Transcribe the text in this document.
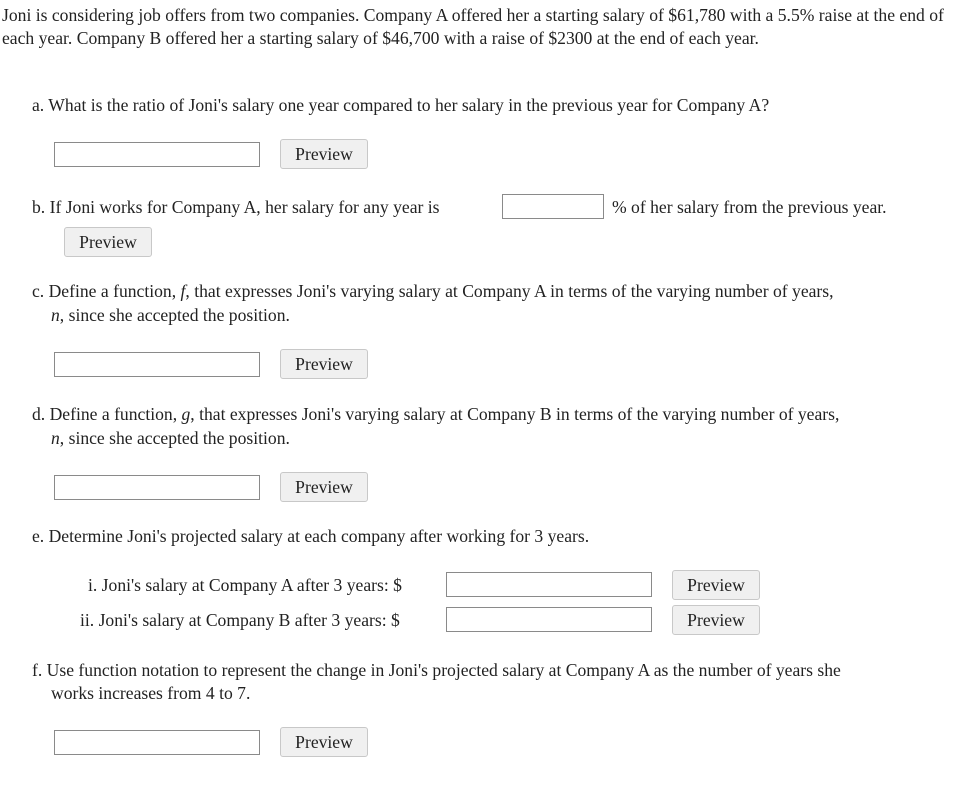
Joni is considering job offers from two companies. Company A offered her a starting salary of $61,780 with a 5.5% raise at the end of each year. Company B offered her a starting salary of $46,700 with a raise of $2300 at the end of each year.
a. What is the ratio of Joni's salary one year compared to her salary in the previous year for Company A?
Preview
b. If Joni works for Company A, her salary for any year is	% of her salary from the previous year.
Preview
c. Define a function, f, that expresses Joni's varying salary at Company A in terms of the varying number of years,
n, since she accepted the position.
Preview
d. Define a function, g, that expresses Joni's varying salary at Company B in terms of the varying number of years,
n, since she accepted the position.
Preview
e. Determine Joni's projected salary at each company after working for 3 years.
i. Joni's salary at Company A after 3 years: $	Preview
ii. Joni's salary at Company B after 3 years: $	Preview
f. Use function notation to represent the change in Joni's projected salary at Company A as the number of years she
works increases from 4 to 7.
Preview
